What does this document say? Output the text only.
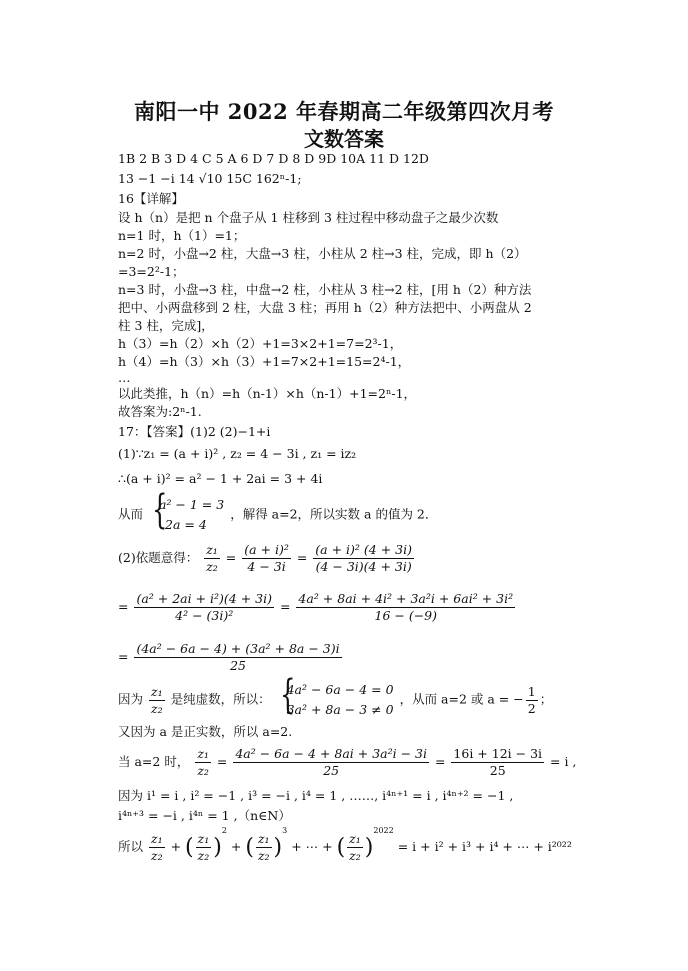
南阳一中 2022 年春期高二年级第四次月考
文数答案
1B 2 B 3 D 4 C 5 A 6 D 7 D 8 D 9D 10A 11 D 12D
13 −1 −i 14 √10 15C 162ⁿ-1;
16【详解】
设 h（n）是把 n 个盘子从 1 柱移到 3 柱过程中移动盘子之最少次数
n=1 时，h（1）=1；
n=2 时，小盘→2 柱，大盘→3 柱，小柱从 2 柱→3 柱，完成，即 h（2）
=3=2²-1；
n=3 时，小盘→3 柱，中盘→2 柱，小柱从 3 柱→2 柱，[用 h（2）种方法
把中、小两盘移到 2 柱，大盘 3 柱；再用 h（2）种方法把中、小两盘从 2
柱 3 柱，完成]，
h（3）=h（2）×h（2）+1=3×2+1=7=2³-1，
h（4）=h（3）×h（3）+1=7×2+1=15=2⁴-1，
…
以此类推，h（n）=h（n-1）×h（n-1）+1=2ⁿ-1，
故答案为:2ⁿ-1.
17：【答案】(1)2 (2)−1+i
(1)∵z₁ = (a + i)² , z₂ = 4 − 3i , z₁ = iz₂
∴(a + i)² = a² − 1 + 2ai = 3 + 4i
从而
{ a² − 1 = 3
2a = 4
，解得 a=2，所以实数 a 的值为 2．
(2)依题意得： $\frac{\text{z₁}}{\text{z₂}} = \frac{\text{(a + i)²}}{4 - 3i} = \frac{\text{(a + i)² (4 + 3i)}}{(4 - 3i)(4 + 3i)}$
= $\frac{\text{(a² + 2ai + i²)(4 + 3i)}}{\text{4² − (3i)²}} = \frac{\text{4a² + 8ai + 4i² + 3a²i + 6ai² + 3i²}}{16 - (-9)}$
= $\frac{\text{(4a² − 6a − 4) + (3a² + 8a − 3)i}}{25}$
因为 $\frac{\text{z₁}}{\text{z₂}}$ 是纯虚数，所以：
{ 4a² − 6a − 4 = 0
3a² + 8a − 3 ≠ 0
，从而 a=2 或 a = − $\frac{1}{2}$ ；
又因为 a 是正实数，所以 a=2.
当 a=2 时， $\frac{\text{z₁}}{\text{z₂}} = \frac{\text{4a² − 6a − 4 + 8ai + 3a²i − 3i}}{25} = \frac{16i + 12i - 3i}{25} = i$ ,
因为 i¹ = i , i² = −1 , i³ = −i , i⁴ = 1 , ……, i⁴ⁿ⁺¹ = i , i⁴ⁿ⁺² = −1 ,
i⁴ⁿ⁺³ = −i , i⁴ⁿ = 1 ,（n∈N）
所以 $\frac{\text{z₁}}{\text{z₂}}$ + ( $\frac{\text{z₁}}{\text{z₂}} )^2$ + ( $\frac{\text{z₁}}{\text{z₂}} )^3$ + ⋯ + ( $\frac{\text{z₁}}{\text{z₂}} )^{2022} = i + i^2 + i^3 + i^4$ + ⋯ + i²⁰²²
